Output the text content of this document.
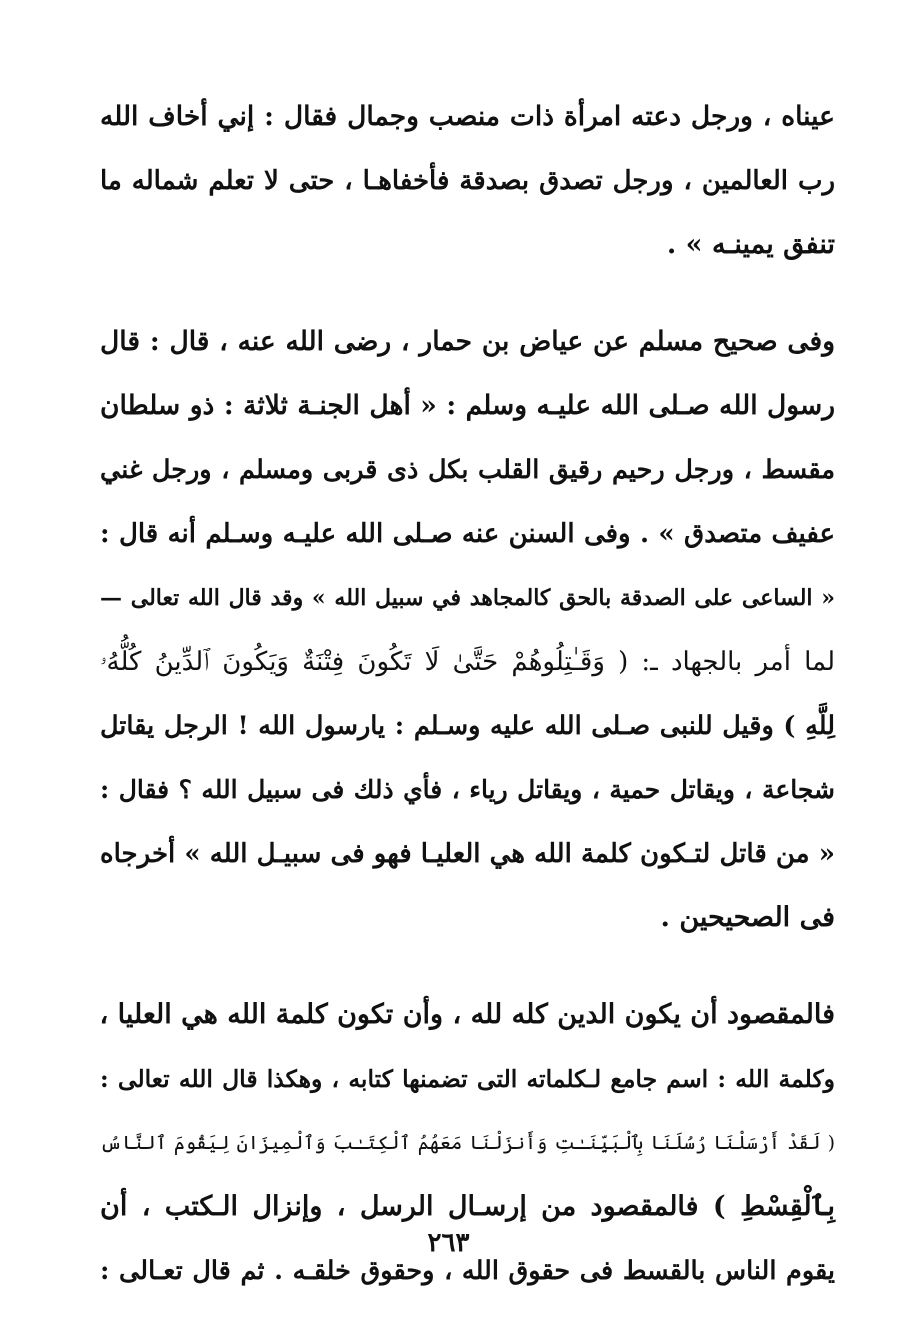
عيناه ، ورجل دعته امرأة ذات منصب وجمال فقال : إني أخاف الله
رب العالمين ، ورجل تصدق بصدقة فأخفاهـا ، حتى لا تعلم شماله ما
تنفق يمينـه » .
وفى صحيح مسلم عن عياض بن حمار ، رضى الله عنه ، قال : قال
رسول الله صـلى الله عليـه وسلم : « أهل الجنـة ثلاثة : ذو سلطان
مقسط ، ورجل رحيم رقيق القلب بكل ذى قربى ومسلم ، ورجل غني
عفيف متصدق » . وفى السنن عنه صـلى الله عليـه وسـلم أنه قال :
« الساعى على الصدقة بالحق كالمجاهد في سبيل الله » وقد قال الله تعالى —
لما أمر بالجهاد ـ: ( وَقَـٰتِلُوهُمْ حَتَّىٰ لَا تَكُونَ فِتْنَةٌ وَيَكُونَ ٱلدِّينُ كُلُّهُۥ
لِلَّهِ ) وقيل للنبى صـلى الله عليه وسـلم : يارسول الله ! الرجل يقاتل
شجاعة ، ويقاتل حمية ، ويقاتل رياء ، فأي ذلك فى سبيل الله ؟ فقال :
« من قاتل لتـكون كلمة الله هي العليـا فهو فى سبيـل الله » أخرجاه
فى الصحيحين .
فالمقصود أن يكون الدين كله لله ، وأن تكون كلمة الله هي العليا ،
وكلمة الله : اسم جامع لـكلماته التى تضمنها كتابه ، وهكذا قال الله تعالى :
( لَقَدْ أَرْسَلْنَا رُسُلَنَا بِٱلْبَيِّنَـٰتِ وَأَنزَلْنَا مَعَهُمُ ٱلْكِتَـٰبَ وَٱلْمِيزَانَ لِيَقُومَ ٱلنَّاسُ
بِٱلْقِسْطِ ) فالمقصود من إرسـال الرسل ، وإنزال الـكتب ، أن
يقوم الناس بالقسط فى حقوق الله ، وحقوق خلقـه . ثم قال تعـالى :
٢٦٣
